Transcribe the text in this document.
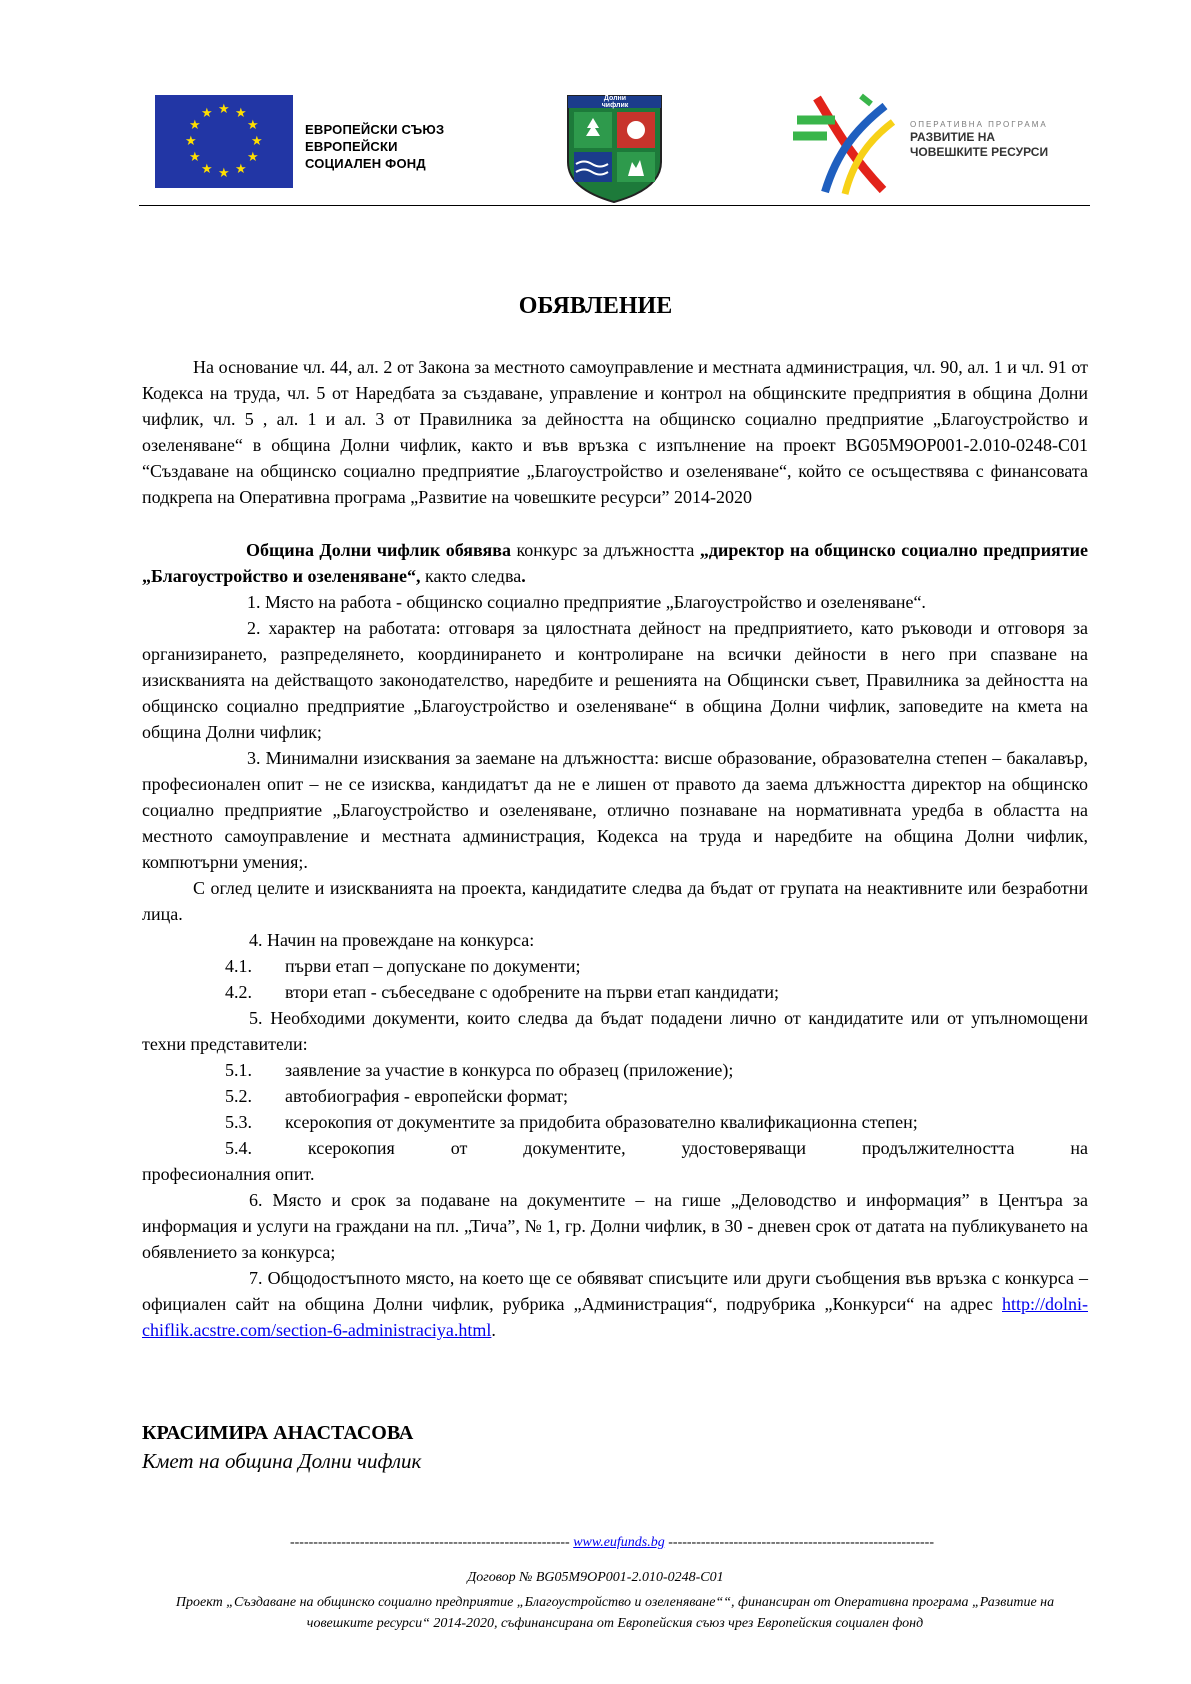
★ ★
★
★
★
★
★
★
★
★
★
★
ЕВРОПЕЙСКИ СЪЮЗ
ЕВРОПЕЙСКИ
СОЦИАЛЕН ФОНД
Долни чифлик
ОПЕРАТИВНА ПРОГРАМА
РАЗВИТИЕ НА
ЧОВЕШКИТЕ РЕСУРСИ
ОБЯВЛЕНИЕ

На основание чл. 44, ал. 2 от Закона за местното самоуправление и местната администрация, чл. 90, ал. 1 и чл. 91 от Кодекса на труда, чл. 5 от Наредбата за създаване, управление и контрол на общинските предприятия в община Долни чифлик, чл. 5 , ал. 1 и ал. 3 от Правилника за дейността на общинско социално предприятие „Благоустройство и озеленяване“ в община Долни чифлик, както и във връзка с изпълнение на проект BG05M9OP001-2.010-0248-C01 “Създаване на общинско социално предприятие „Благоустройство и озеленяване“, който се осъществява с финансовата подкрепа на Оперативна програма „Развитие на човешките ресурси” 2014-2020

Община Долни чифлик обявява конкурс за длъжността „директор на общинско социално предприятие „Благоустройство и озеленяване“, както следва.

1. Място на работа - общинско социално предприятие „Благоустройство и озеленяване“.

2. характер на работата: отговаря за цялостната дейност на предприятието, като ръководи и отговоря за организирането, разпределянето, координирането и контролиране на всички дейности в него при спазване на изискванията на действащото законодателство, наредбите и решенията на Общински съвет, Правилника за дейността на общинско социално предприятие „Благоустройство и озеленяване“ в община Долни чифлик, заповедите на кмета на община Долни чифлик;

3. Минимални изисквания за заемане на длъжността: висше образование, образователна степен – бакалавър, професионален опит – не се изисква, кандидатът да не е лишен от правото да заема длъжността директор на общинско социално предприятие „Благоустройство и озеленяване, отлично познаване на нормативната уредба в областта на местното самоуправление и местната администрация, Кодекса на труда и наредбите на община Долни чифлик, компютърни умения;.

С оглед целите и изискванията на проекта, кандидатите следва да бъдат от групата на неактивните или безработни лица.

4. Начин на провеждане на конкурса:

4.1. първи етап – допускане по документи;

4.2. втори етап - събеседване с одобрените на първи етап кандидати;

5. Необходими документи, които следва да бъдат подадени лично от кандидатите или от упълномощени техни представители:

5.1. заявление за участие в конкурса по образец (приложение);

5.2. автобиография - европейски формат;

5.3. ксерокопия от документите за придобита образователно квалификационна степен;

5.4. ксерокопия от документите, удостоверяващи продължителността на

професионалния опит.

6. Място и срок за подаване на документите – на гише „Деловодство и информация” в Центъра за информация и услуги на граждани на пл. „Тича”, № 1, гр. Долни чифлик, в 30 - дневен срок от датата на публикуването на обявлението за конкурса;

7. Общодостъпното място, на което ще се обявяват списъците или други съобщения във връзка с конкурса – официален сайт на община Долни чифлик, рубрика „Администрация“, подрубрика „Конкурси“ на адрес http://dolni-chiflik.acstre.com/section-6-administraciya.html.

КРАСИМИРА АНАСТАСОВА
Кмет на община Долни чифлик
------------------------------------------------------------ www.eufunds.bg ---------------------------------------------------------
Договор № BG05M9OP001-2.010-0248-C01
Проект „Създаване на общинско социално предприятие „Благоустройство и озеленяване““, финансиран от Оперативна програма „Развитие на човешките ресурси“ 2014-2020, съфинансирана от Европейския съюз чрез Европейския социален фонд
